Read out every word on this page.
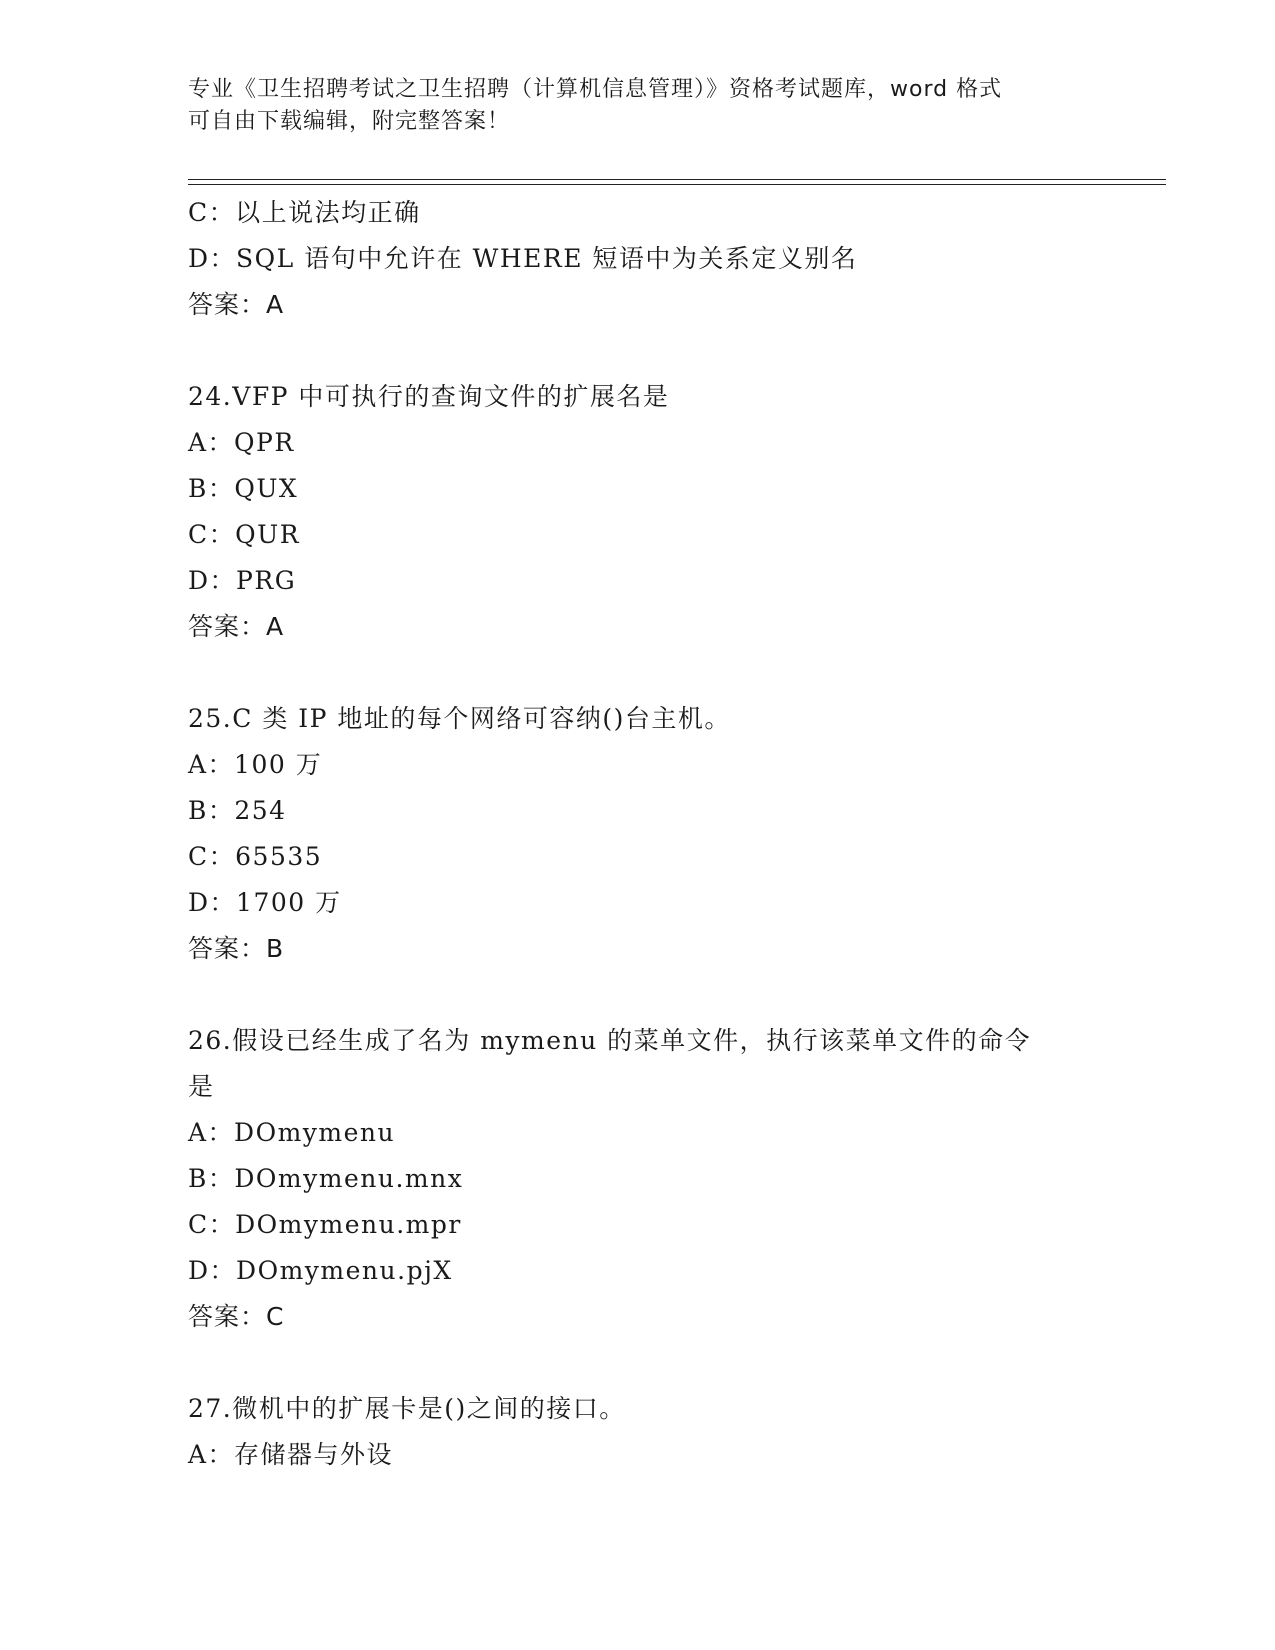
专业《卫生招聘考试之卫生招聘（计算机信息管理）》资格考试题库，word 格式
可自由下载编辑，附完整答案！
C：以上说法均正确
D：SQL 语句中允许在 WHERE 短语中为关系定义别名
答案：A
24.VFP 中可执行的查询文件的扩展名是
A：QPR
B：QUX
C：QUR
D：PRG
答案：A
25.C 类 IP 地址的每个网络可容纳()台主机。
A：100 万
B：254
C：65535
D：1700 万
答案：B
26.假设已经生成了名为 mymenu 的菜单文件，执行该菜单文件的命令
是
A：DOmymenu
B：DOmymenu.mnx
C：DOmymenu.mpr
D：DOmymenu.pjX
答案：C
27.微机中的扩展卡是()之间的接口。
A：存储器与外设
